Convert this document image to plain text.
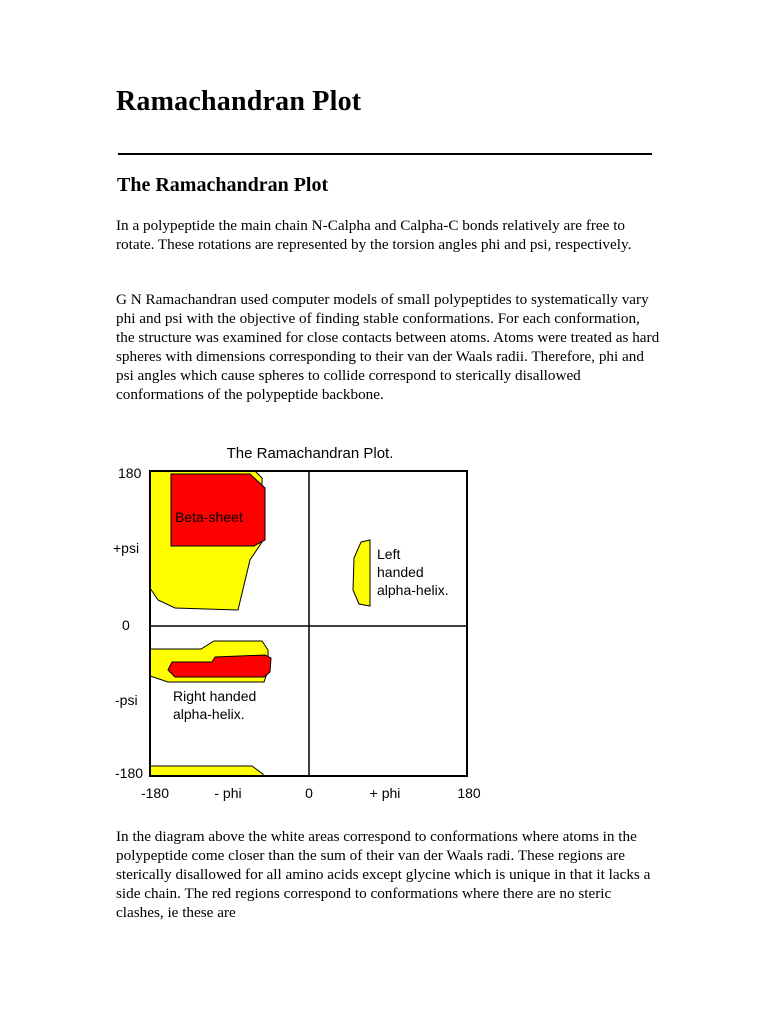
Ramachandran Plot
The Ramachandran Plot

In a polypeptide the main chain N-Calpha and Calpha-C bonds relatively are free to rotate. These rotations are represented by the torsion angles phi and psi, respectively.

G N Ramachandran used computer models of small polypeptides to systematically vary phi and psi with the objective of finding stable conformations. For each conformation, the structure was examined for close contacts between atoms. Atoms were treated as hard spheres with dimensions corresponding to their van der Waals radii. Therefore, phi and psi angles which cause spheres to collide correspond to sterically disallowed conformations of the polypeptide backbone.

The Ramachandran Plot.
180
+psi
0
-psi
-180
-180	- phi	0	+ phi	180
Beta-sheet
Left
handed
alpha-helix.
Right handed
alpha-helix.

In the diagram above the white areas correspond to conformations where atoms in the polypeptide come closer than the sum of their van der Waals radi. These regions are sterically disallowed for all amino acids except glycine which is unique in that it lacks a side chain. The red regions correspond to conformations where there are no steric clashes, ie these are
